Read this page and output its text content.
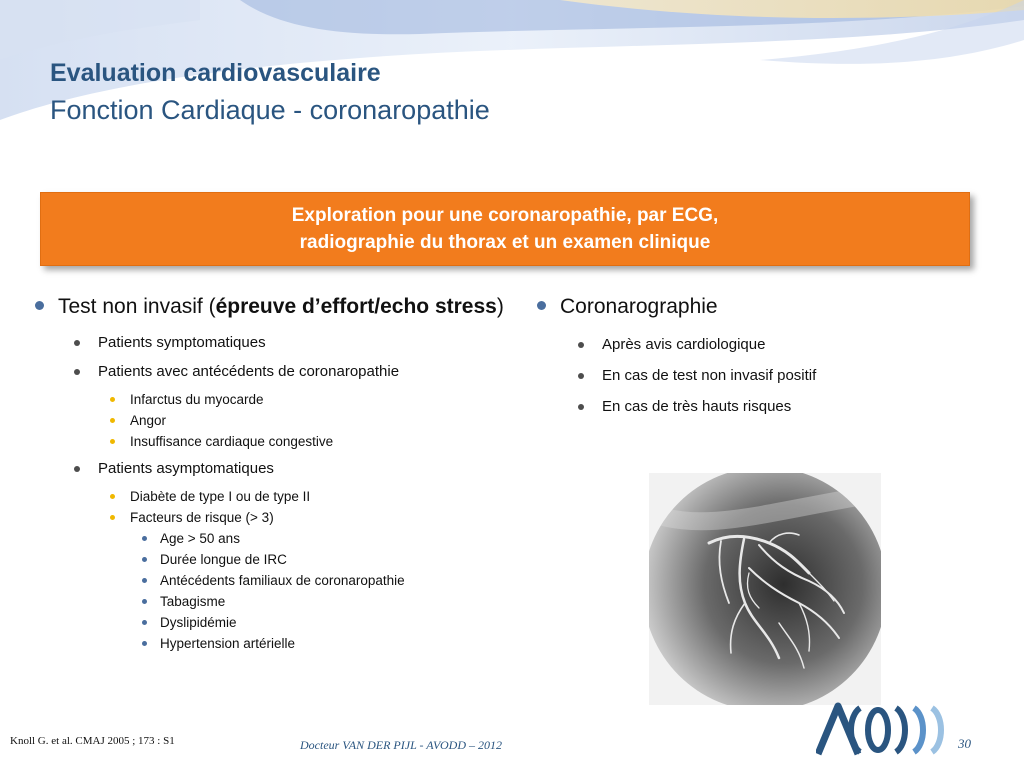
Evaluation cardiovasculaire
Fonction Cardiaque - coronaropathie
Exploration pour une coronaropathie, par ECG,
radiographie du thorax et un examen clinique
Test non invasif (épreuve d’effort/echo stress)
Patients symptomatiques
Patients avec antécédents de coronaropathie
Infarctus du myocarde
Angor
Insuffisance cardiaque congestive
Patients asymptomatiques
Diabète de type I ou de type II
Facteurs de risque (> 3)
Age > 50 ans
Durée longue de IRC
Antécédents familiaux de coronaropathie
Tabagisme
Dyslipidémie
Hypertension artérielle
Coronarographie
Après avis cardiologique
En cas de test non invasif positif
En cas de très hauts risques
Knoll G. et al. CMAJ 2005 ; 173 : S1	Docteur VAN DER PIJL - AVODD – 2012	30
